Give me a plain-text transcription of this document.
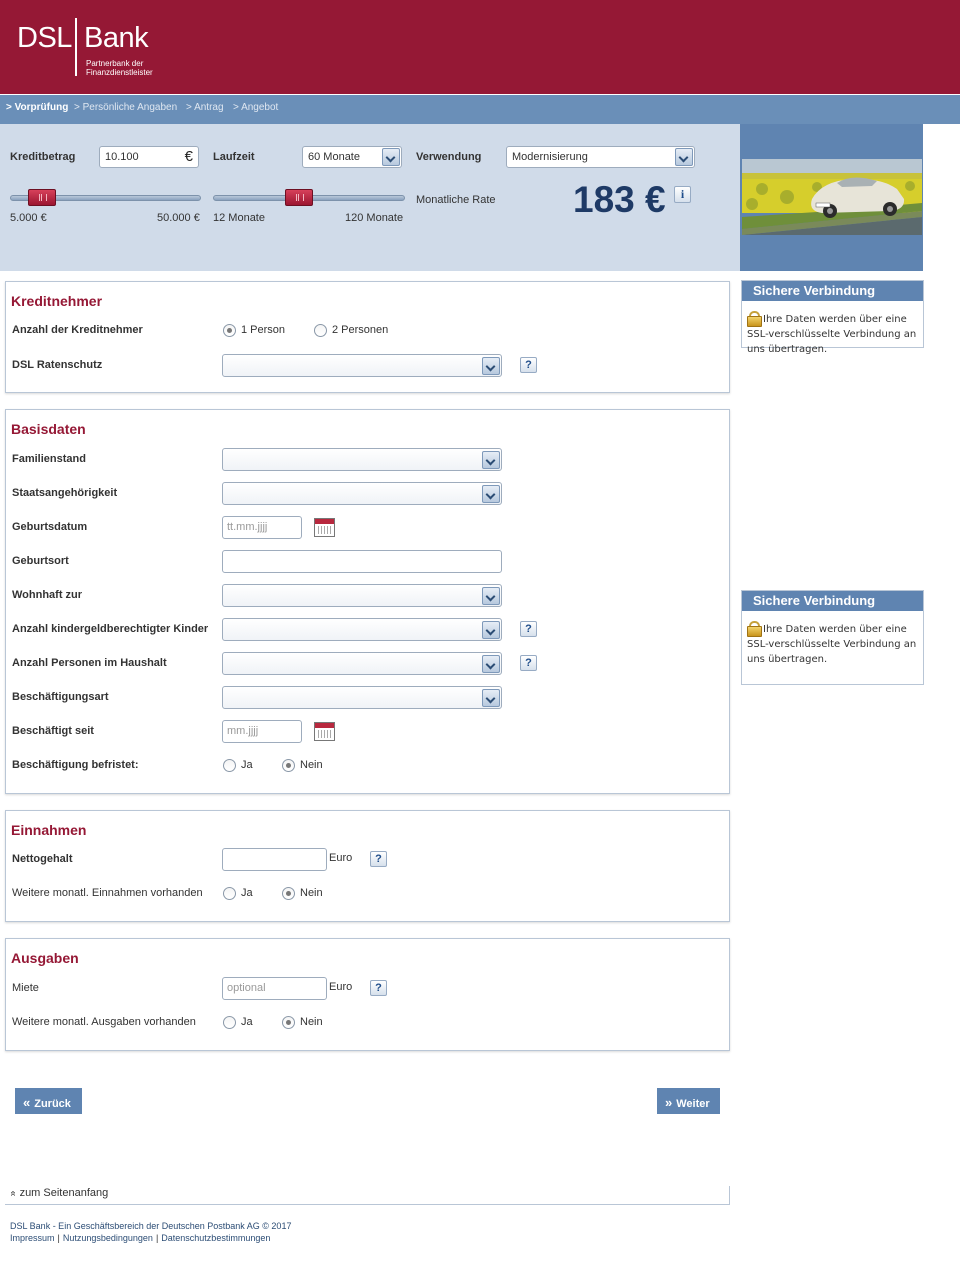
DSL Bank
Partnerbank der
Finanzdienstleister
> Vorprüfung > Persönliche Angaben > Antrag > Angebot
Kreditbetrag	10.100	€ Laufzeit	60 Monate	Verwendung	Modernisierung
5.000 €	50.000 € 12 Monate	120 Monate
Monatliche Rate 183 €	i
Sichere Verbindung
Ihre Daten werden über eine SSL-verschlüsselte Verbindung an uns übertragen.
Sichere Verbindung
Ihre Daten werden über eine SSL-verschlüsselte Verbindung an uns übertragen.
Kreditnehmer
Anzahl der Kreditnehmer	1 Person	2 Personen
DSL Ratenschutz	?
Basisdaten
Familienstand
Staatsangehörigkeit
Geburtsdatum	tt.mm.jjjj
Geburtsort
Wohnhaft zur
Anzahl kindergeldberechtigter Kinder	?
Anzahl Personen im Haushalt	?
Beschäftigungsart
Beschäftigt seit	mm.jjjj
Beschäftigung befristet:	Ja	Nein
Einnahmen
Nettogehalt	Euro	?
Weitere monatl. Einnahmen vorhanden	Ja	Nein
Ausgaben
Miete	optional	Euro	?
Weitere monatl. Ausgaben vorhanden	Ja	Nein
« Zurück	» Weiter
«zum Seitenanfang
DSL Bank - Ein Geschäftsbereich der Deutschen Postbank AG © 2017
Impressum | Nutzungsbedingungen | Datenschutzbestimmungen
